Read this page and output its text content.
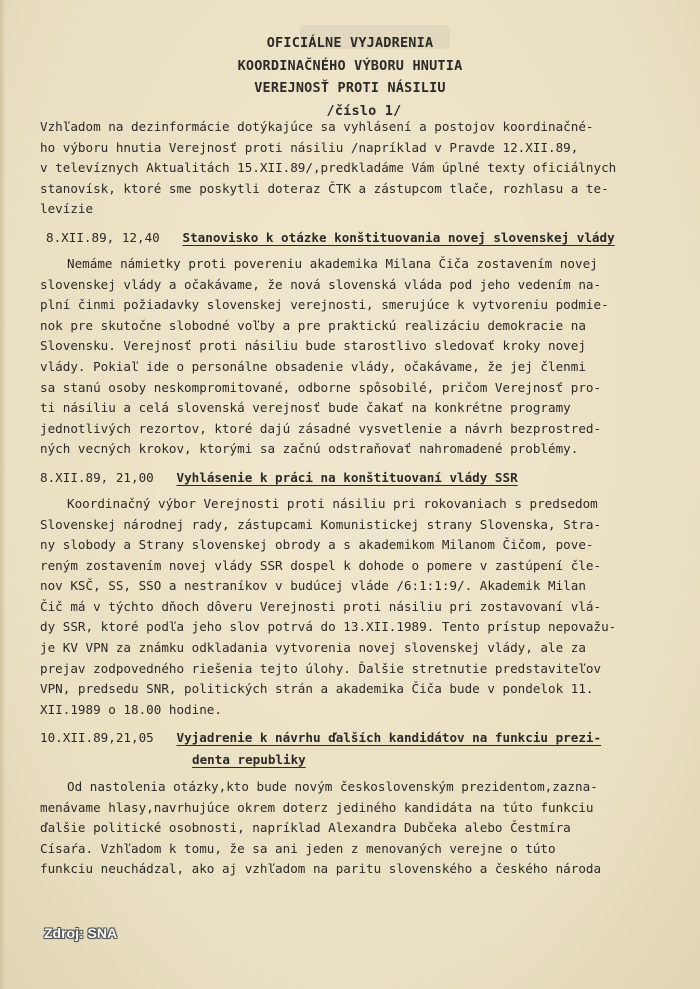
OFICIÁLNE VYJADRENIA
KOORDINAČNÉHO VÝBORU HNUTIA
VEREJNOSŤ PROTI NÁSILIU
/číslo 1/
Vzhľadom na dezinformácie dotýkajúce sa vyhlásení a postojov koordinačné-
ho výboru hnutia Verejnosť proti násiliu /napríklad v Pravde 12.XII.89,
v televíznych Aktualitách 15.XII.89/,predkladáme Vám úplné texty oficiálnych
stanovísk, ktoré sme poskytli doteraz ČTK a zástupcom tlače, rozhlasu a te-
levízie
8.XII.89, 12,40 Stanovisko k otázke konštituovania novej slovenskej vlády
Nemáme námietky proti povereniu akademika Milana Čiča zostavením novej
slovenskej vlády a očakávame, že nová slovenská vláda pod jeho vedením na-
plní činmi požiadavky slovenskej verejnosti, smerujúce k vytvoreniu podmie-
nok pre skutočne slobodné voľby a pre praktickú realizáciu demokracie na
Slovensku. Verejnosť proti násiliu bude starostlivo sledovať kroky novej
vlády. Pokiaľ ide o personálne obsadenie vlády, očakávame, že jej členmi
sa stanú osoby neskompromitované, odborne spôsobilé, pričom Verejnosť pro-
ti násiliu a celá slovenská verejnosť bude čakať na konkrétne programy
jednotlivých rezortov, ktoré dajú zásadné vysvetlenie a návrh bezprostred-
ných vecných krokov, ktorými sa začnú odstraňovať nahromadené problémy.
8.XII.89, 21,00 Vyhlásenie k práci na konštituovaní vlády SSR
Koordinačný výbor Verejnosti proti násiliu pri rokovaniach s predsedom
Slovenskej národnej rady, zástupcami Komunistickej strany Slovenska, Stra-
ny slobody a Strany slovenskej obrody a s akademikom Milanom Čičom, pove-
reným zostavením novej vlády SSR dospel k dohode o pomere v zastúpení čle-
nov KSČ, SS, SSO a nestraníkov v budúcej vláde /6:1:1:9/. Akademik Milan
Čič má v týchto dňoch dôveru Verejnosti proti násiliu pri zostavovaní vlá-
dy SSR, ktoré podľa jeho slov potrvá do 13.XII.1989. Tento prístup nepovažu-
je KV VPN za známku odkladania vytvorenia novej slovenskej vlády, ale za
prejav zodpovedného riešenia tejto úlohy. Ďalšie stretnutie predstaviteľov
VPN, predsedu SNR, politických strán a akademika Čiča bude v pondelok 11.
XII.1989 o 18.00 hodine.
10.XII.89,21,05 Vyjadrenie k návrhu ďalších kandidátov na funkciu prezi-
denta republiky
Od nastolenia otázky,kto bude novým československým prezidentom,zazna-
menávame hlasy,navrhujúce okrem doterz jediného kandidáta na túto funkciu
ďalšie politické osobnosti, napríklad Alexandra Dubčeka alebo Čestmíra
Císaŕa. Vzhľadom k tomu, že sa ani jeden z menovaných verejne o túto
funkciu neuchádzal, ako aj vzhľadom na paritu slovenského a českého národa
Zdroj: SNA
